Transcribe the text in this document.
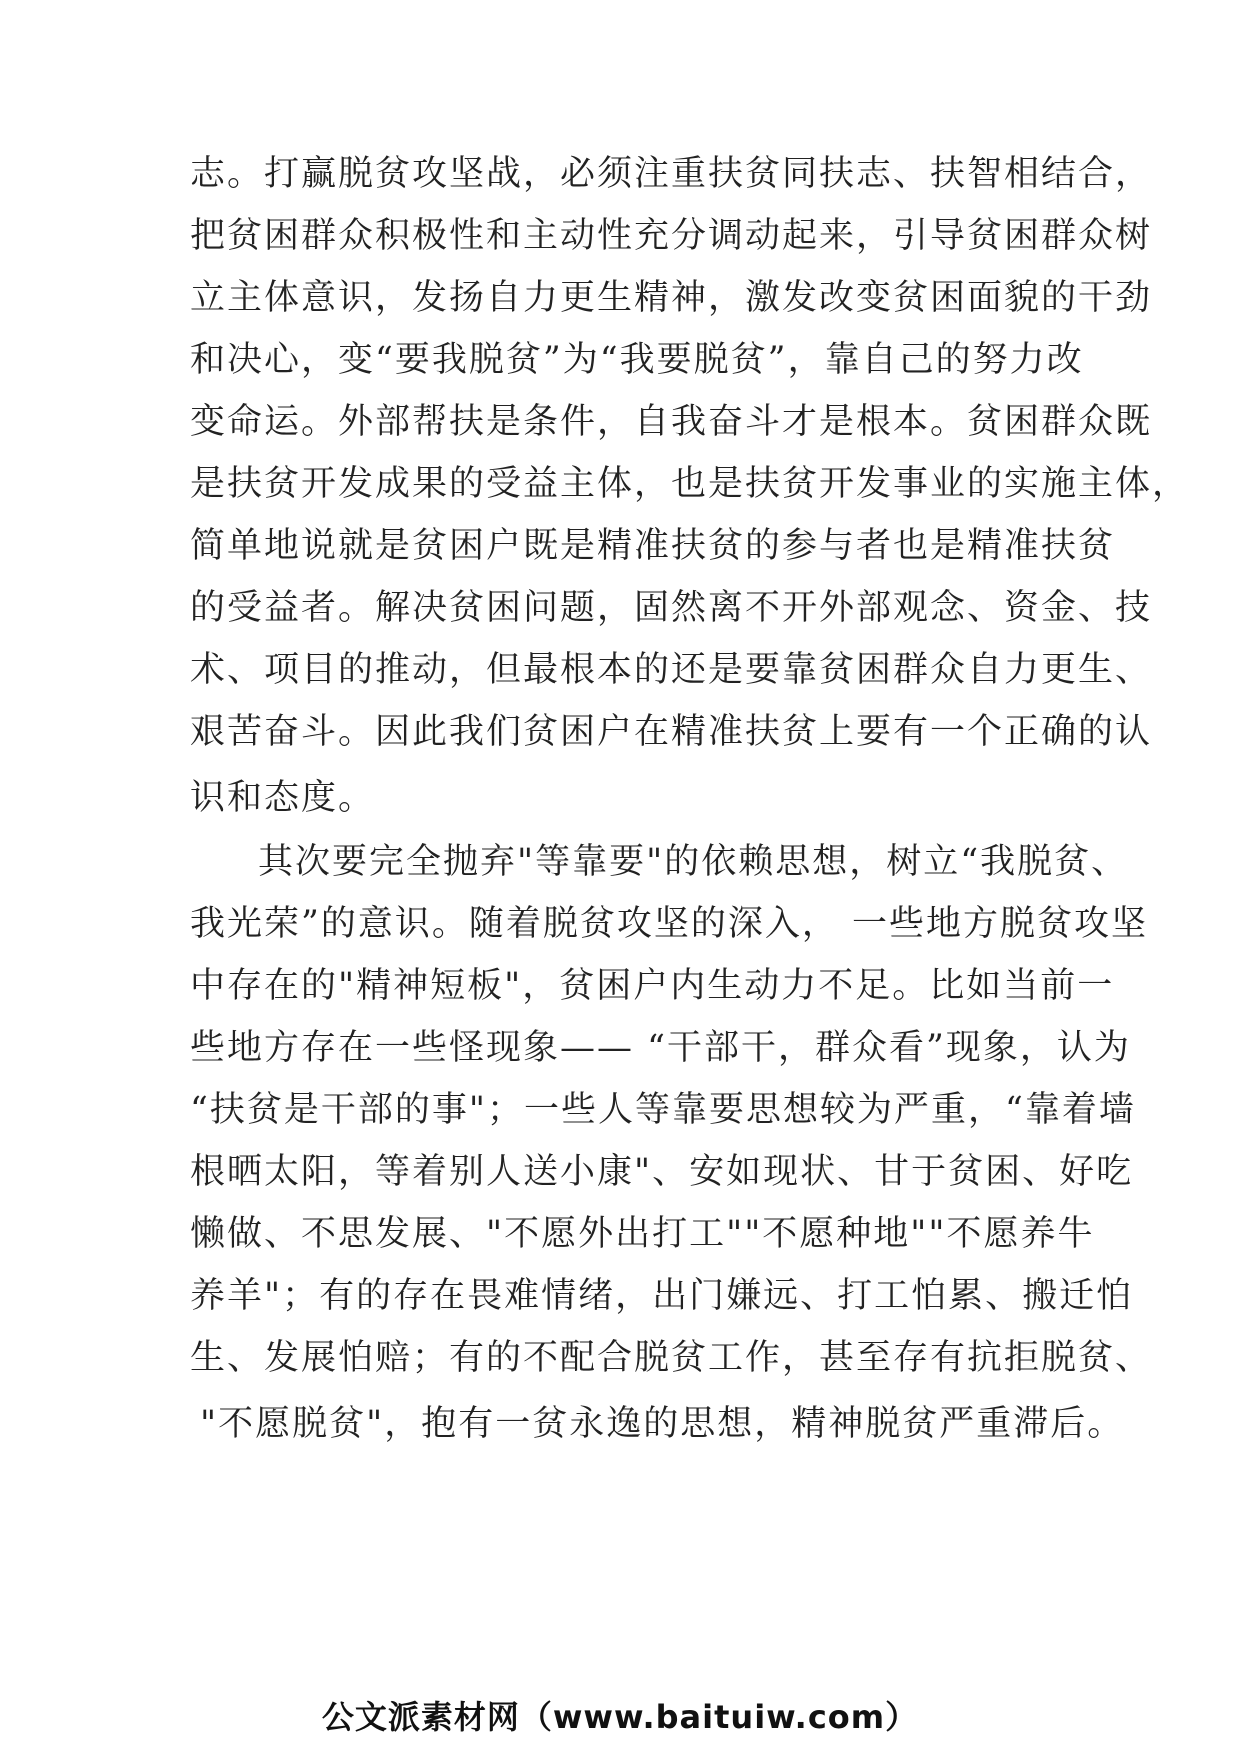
志。打赢脱贫攻坚战，必须注重扶贫同扶志、扶智相结合，

把贫困群众积极性和主动性充分调动起来，引导贫困群众树

立主体意识，发扬自力更生精神，激发改变贫困面貌的干劲

和决心，变“要我脱贫”为“我要脱贫”，靠自己的努力改

变命运。外部帮扶是条件，自我奋斗才是根本。贫困群众既

是扶贫开发成果的受益主体，也是扶贫开发事业的实施主体，

简单地说就是贫困户既是精准扶贫的参与者也是精准扶贫

的受益者。解决贫困问题，固然离不开外部观念、资金、技

术、项目的推动，但最根本的还是要靠贫困群众自力更生、

艰苦奋斗。因此我们贫困户在精准扶贫上要有一个正确的认

识和态度。

其次要完全抛弃"等靠要"的依赖思想，树立“我脱贫、

我光荣”的意识。随着脱贫攻坚的深入， 一些地方脱贫攻坚

中存在的"精神短板"，贫困户内生动力不足。比如当前一

些地方存在一些怪现象—— “干部干，群众看”现象，认为

“扶贫是干部的事"；一些人等靠要思想较为严重，“靠着墙

根晒太阳，等着别人送小康"、安如现状、甘于贫困、好吃

懒做、不思发展、"不愿外出打工""不愿种地""不愿养牛

养羊"；有的存在畏难情绪，出门嫌远、打工怕累、搬迁怕

生、发展怕赔；有的不配合脱贫工作，甚至存有抗拒脱贫、

"不愿脱贫"，抱有一贫永逸的思想，精神脱贫严重滞后。

公文派素材网（www.baituiw.com）
